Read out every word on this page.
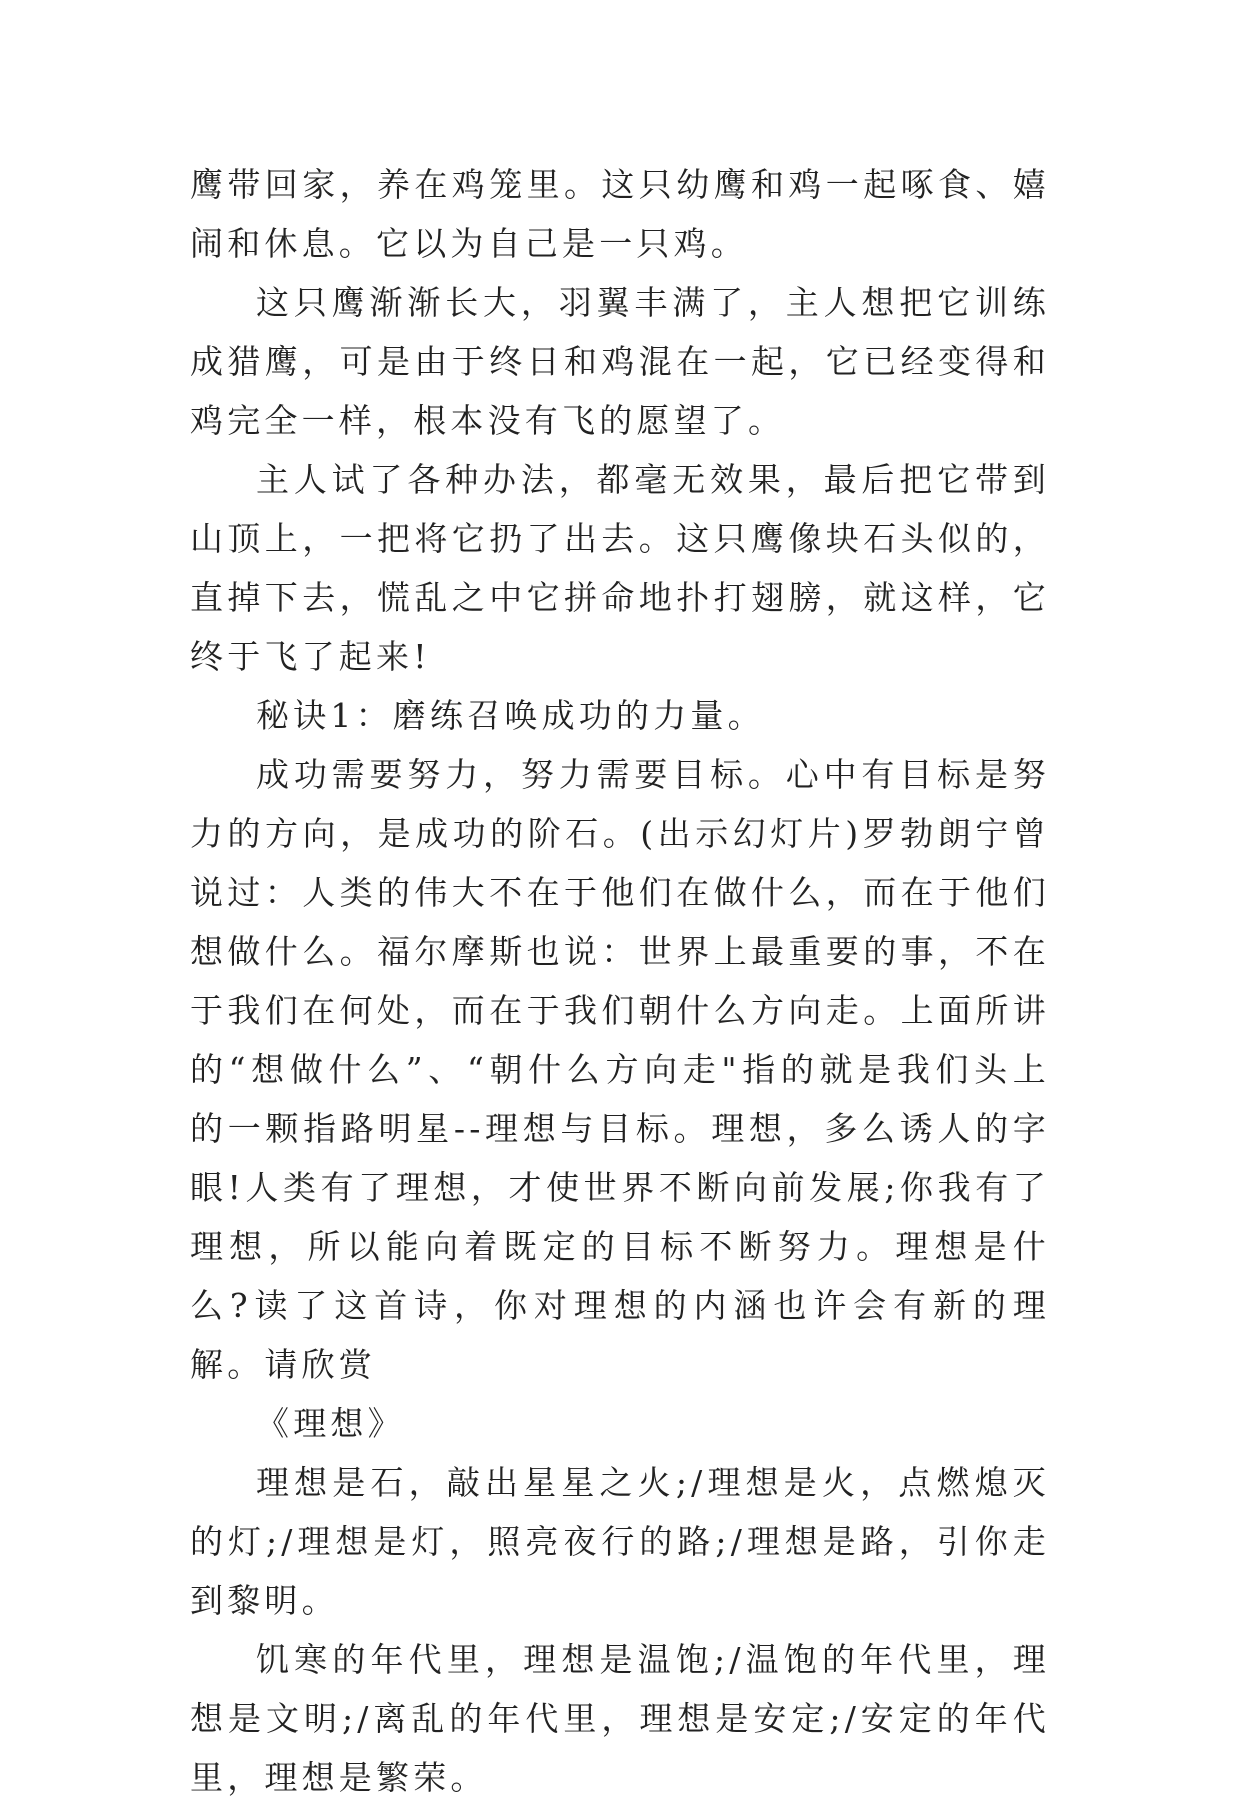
鹰带回家，养在鸡笼里。这只幼鹰和鸡一起啄食、嬉闹和休息。它以为自己是一只鸡。

这只鹰渐渐长大，羽翼丰满了，主人想把它训练成猎鹰，可是由于终日和鸡混在一起，它已经变得和鸡完全一样，根本没有飞的愿望了。

主人试了各种办法，都毫无效果，最后把它带到山顶上，一把将它扔了出去。这只鹰像块石头似的，直掉下去，慌乱之中它拼命地扑打翅膀，就这样，它终于飞了起来!

秘诀1：磨练召唤成功的力量。

成功需要努力，努力需要目标。心中有目标是努力的方向，是成功的阶石。(出示幻灯片)罗勃朗宁曾说过：人类的伟大不在于他们在做什么，而在于他们想做什么。福尔摩斯也说：世界上最重要的事，不在于我们在何处，而在于我们朝什么方向走。上面所讲的“想做什么”、“朝什么方向走"指的就是我们头上的一颗指路明星--理想与目标。理想，多么诱人的字眼!人类有了理想，才使世界不断向前发展;你我有了理想，所以能向着既定的目标不断努力。理想是什么?读了这首诗，你对理想的内涵也许会有新的理解。请欣赏

《理想》

理想是石，敲出星星之火;/理想是火，点燃熄灭的灯;/理想是灯，照亮夜行的路;/理想是路，引你走到黎明。

饥寒的年代里，理想是温饱;/温饱的年代里，理想是文明;/离乱的年代里，理想是安定;/安定的年代里，理想是繁荣。
